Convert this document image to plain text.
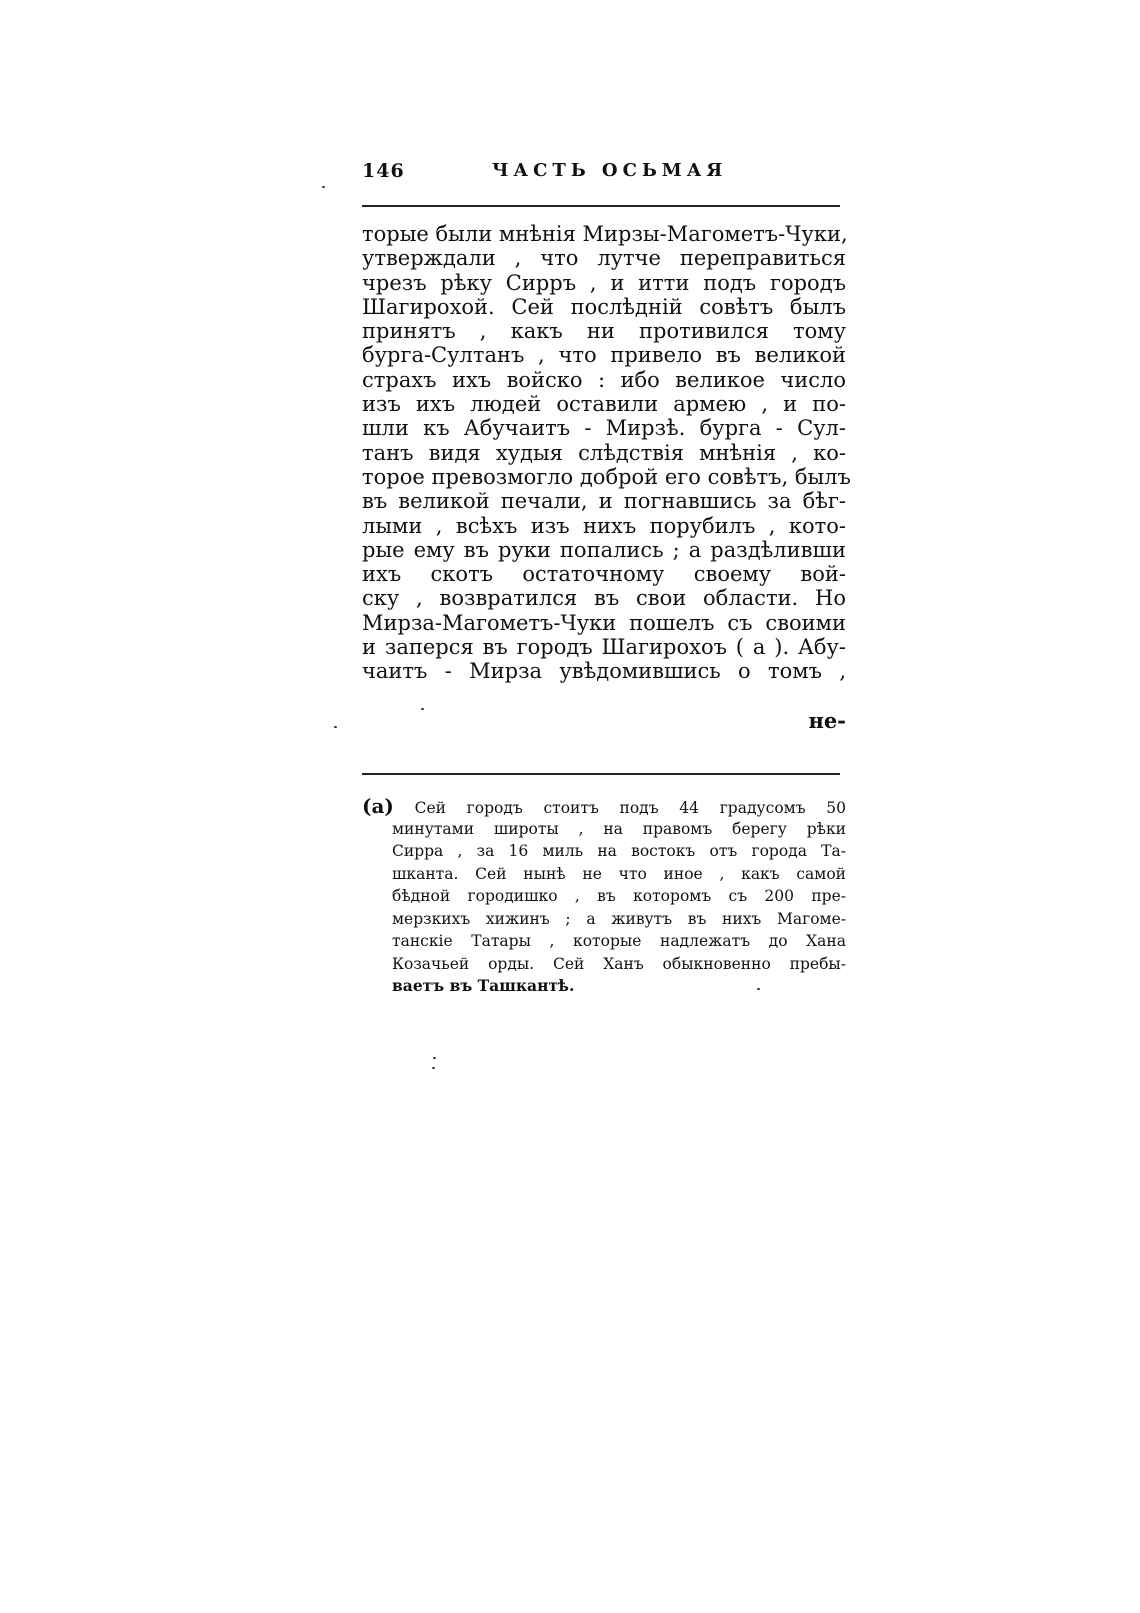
146	ЧАСТЬ ОСЬМАЯ
торые были мнѣнія Мирзы-Магометъ-Чуки,
утверждали , что лутче переправиться
чрезъ рѣку Сирръ , и итти подъ городъ
Шагирохой. Сей послѣдній совѣтъ былъ
принятъ , какъ ни противился тому
бурга-Султанъ , что привело въ великой
страхъ ихъ войско : ибо великое число
изъ ихъ людей оставили армею , и по-
шли къ Абучаитъ - Мирзѣ. бурга - Сул-
танъ видя худыя слѣдствія мнѣнія , ко-
торое превозмогло доброй его совѣтъ, былъ
въ великой печали, и погнавшись за бѣг-
лыми , всѣхъ изъ нихъ порубилъ , кото-
рые ему въ руки попались ; а раздѣливши
ихъ скотъ остаточному своему вой-
ску , возвратился въ свои области. Но
Мирза-Магометъ-Чуки пошелъ съ своими
и заперся въ городъ Шагирохоъ ( а ). Абу-
чаитъ - Мирза увѣдомившись о томъ ,
не-
(а) Сей городъ стоитъ подъ 44 градусомъ 50
минутами широты , на правомъ берегу рѣки
Сирра , за 16 миль на востокъ отъ города Та-
шканта. Сей нынѣ не что иное , какъ самой
бѣдной городишко , въ которомъ съ 200 пре-
мерзкихъ хижинъ ; а живутъ въ нихъ Магоме-
танскіе Татары , которые надлежатъ до Хана
Козачьей орды. Сей Ханъ обыкновенно пребы-
ваетъ въ Ташкантѣ.
